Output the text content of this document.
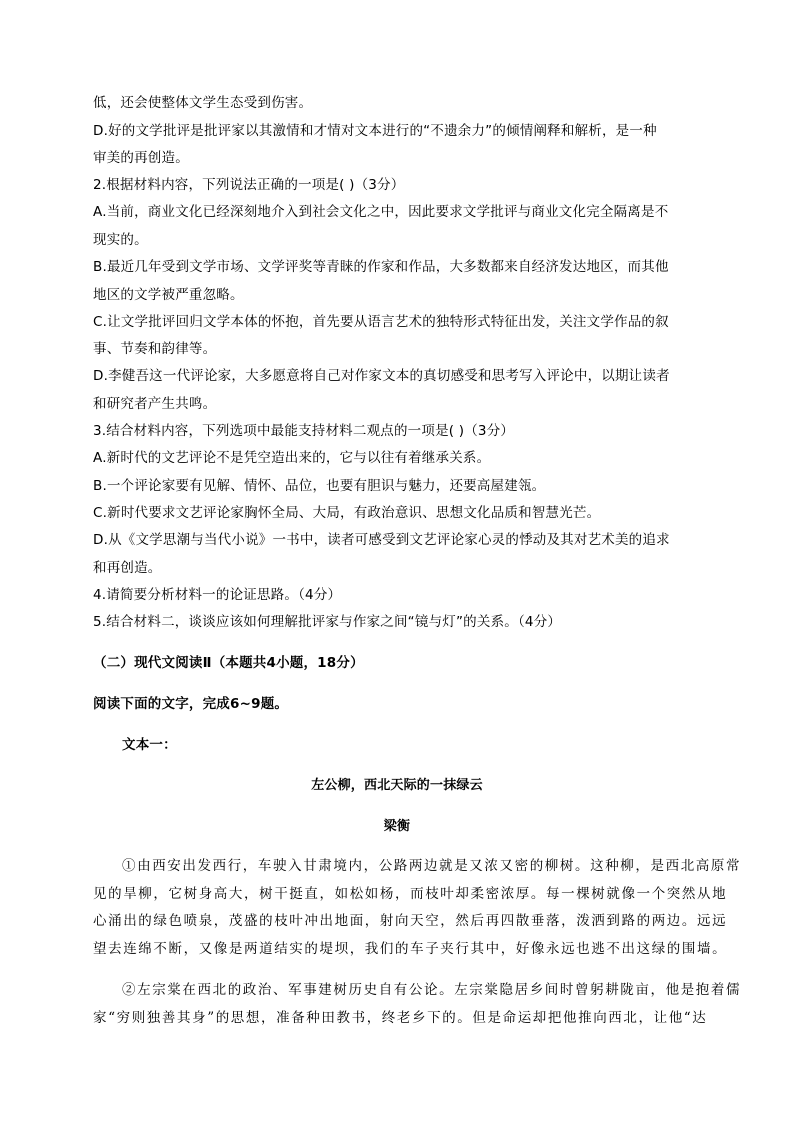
低，还会使整体文学生态受到伤害。
D.好的文学批评是批评家以其激情和才情对文本进行的“不遗余力”的倾情阐释和解析，是一种
审美的再创造。
2.根据材料内容，下列说法正确的一项是( )（3分）
A.当前，商业文化已经深刻地介入到社会文化之中，因此要求文学批评与商业文化完全隔离是不
现实的。
B.最近几年受到文学市场、文学评奖等青睐的作家和作品，大多数都来自经济发达地区，而其他
地区的文学被严重忽略。
C.让文学批评回归文学本体的怀抱，首先要从语言艺术的独特形式特征出发，关注文学作品的叙
事、节奏和韵律等。
D.李健吾这一代评论家，大多愿意将自己对作家文本的真切感受和思考写入评论中，以期让读者
和研究者产生共鸣。
3.结合材料内容，下列选项中最能支持材料二观点的一项是( )（3分）
A.新时代的文艺评论不是凭空造出来的，它与以往有着继承关系。
B.一个评论家要有见解、情怀、品位，也要有胆识与魅力，还要高屋建瓴。
C.新时代要求文艺评论家胸怀全局、大局，有政治意识、思想文化品质和智慧光芒。
D.从《文学思潮与当代小说》一书中，读者可感受到文艺评论家心灵的悸动及其对艺术美的追求
和再创造。
4.请简要分析材料一的论证思路。（4分）
5.结合材料二，谈谈应该如何理解批评家与作家之间“镜与灯”的关系。（4分）
（二）现代文阅读Ⅱ（本题共4小题，18分）
阅读下面的文字，完成6~9题。
文本一：
左公柳，西北天际的一抹绿云
梁衡
①由西安出发西行，车驶入甘肃境内，公路两边就是又浓又密的柳树。这种柳，是西北高原常
见的旱柳，它树身高大，树干挺直，如松如杨，而枝叶却柔密浓厚。每一棵树就像一个突然从地
心涌出的绿色喷泉，茂盛的枝叶冲出地面，射向天空，然后再四散垂落，泼洒到路的两边。远远
望去连绵不断，又像是两道结实的堤坝，我们的车子夹行其中，好像永远也逃不出这绿的围墙。
②左宗棠在西北的政治、军事建树历史自有公论。左宗棠隐居乡间时曾躬耕陇亩，他是抱着儒
家“穷则独善其身”的思想，准备种田教书，终老乡下的。但是命运却把他推向西北，让他“达
